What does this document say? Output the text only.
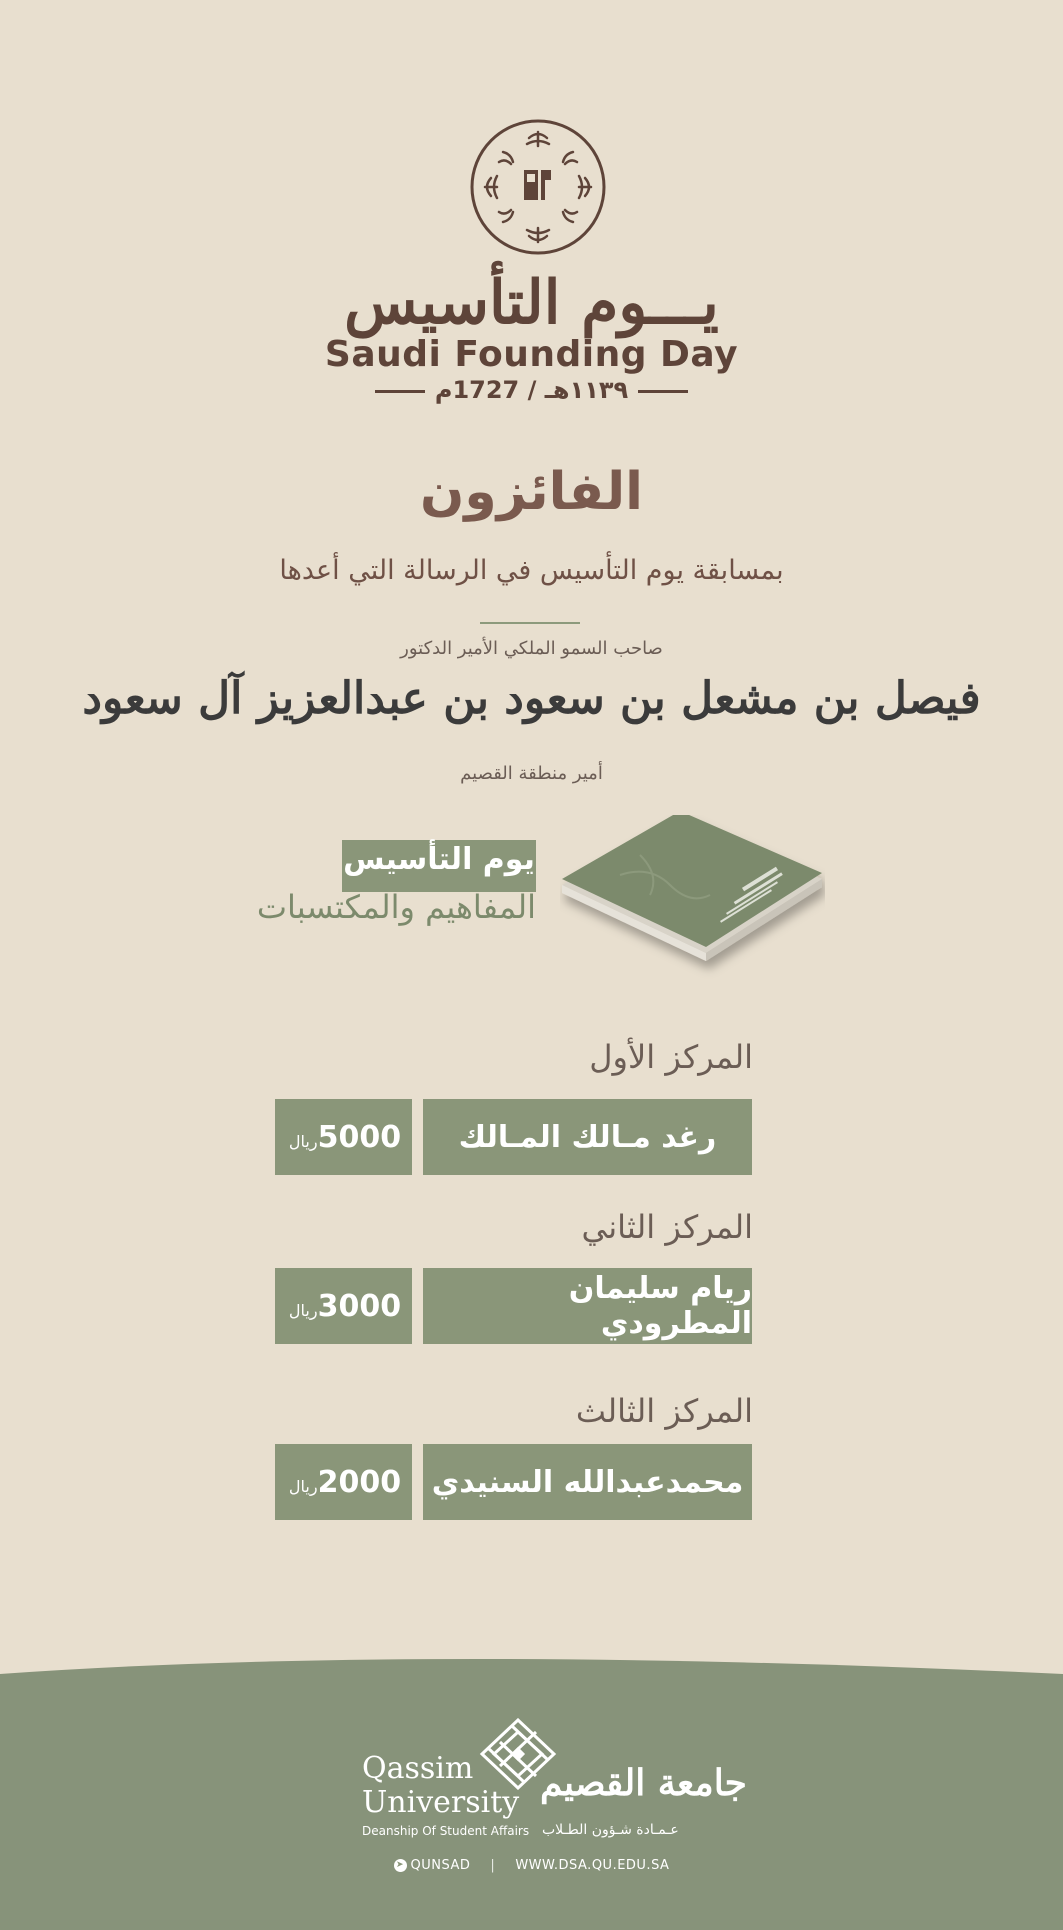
يـــوم التأسيس
Saudi Founding Day
١١٣٩هـ / 1727م
الفائزون
بمسابقة يوم التأسيس في الرسالة التي أعدها
صاحب السمو الملكي الأمير الدكتور
فيصل بن مشعل بن سعود بن عبدالعزيز آل سعود
أمير منطقة القصيم
يوم التأسيس
المفاهيم والمكتسبات
المركز الأول
رغد مـالك المـالك
ريال 5000
المركز الثاني
ريام سليمان المطرودي
ريال 3000
المركز الثالث
محمدعبدالله السنيدي
ريال 2000
Qassim
University
Deanship Of Student Affairs
جامعة القصيم
عـمـادة شـؤون الطـلاب
➤ QUNSAD | WWW.DSA.QU.EDU.SA
